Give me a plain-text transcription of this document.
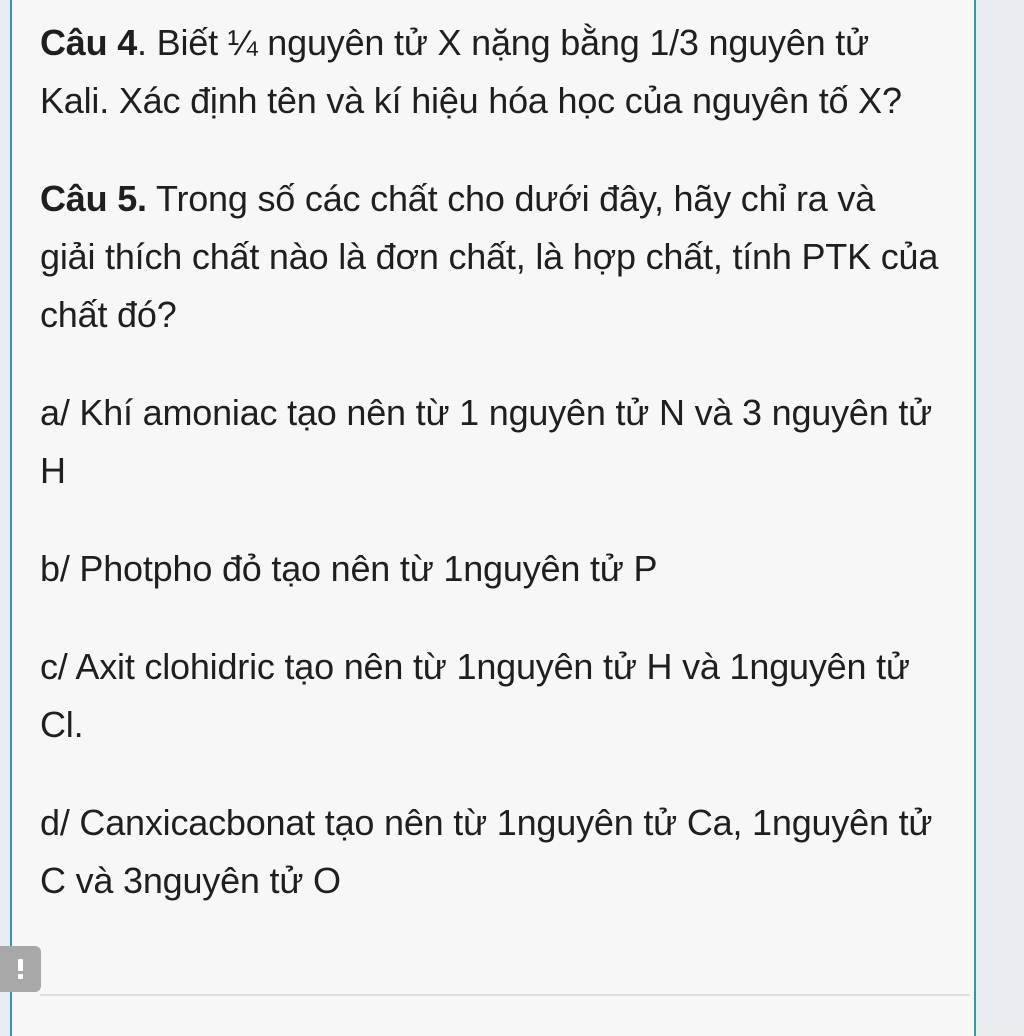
Câu 4. Biết ¼ nguyên tử X nặng bằng 1/3 nguyên tử Kali. Xác định tên và kí hiệu hóa học của nguyên tố X?

Câu 5. Trong số các chất cho dưới đây, hãy chỉ ra và giải thích chất nào là đơn chất, là hợp chất, tính PTK của chất đó?

a/ Khí amoniac tạo nên từ 1 nguyên tử N và 3 nguyên tử H

b/ Photpho đỏ tạo nên từ 1nguyên tử P

c/ Axit clohidric tạo nên từ 1nguyên tử H và 1nguyên tử Cl.

d/ Canxicacbonat tạo nên từ 1nguyên tử Ca, 1nguyên tử C và 3nguyên tử O
